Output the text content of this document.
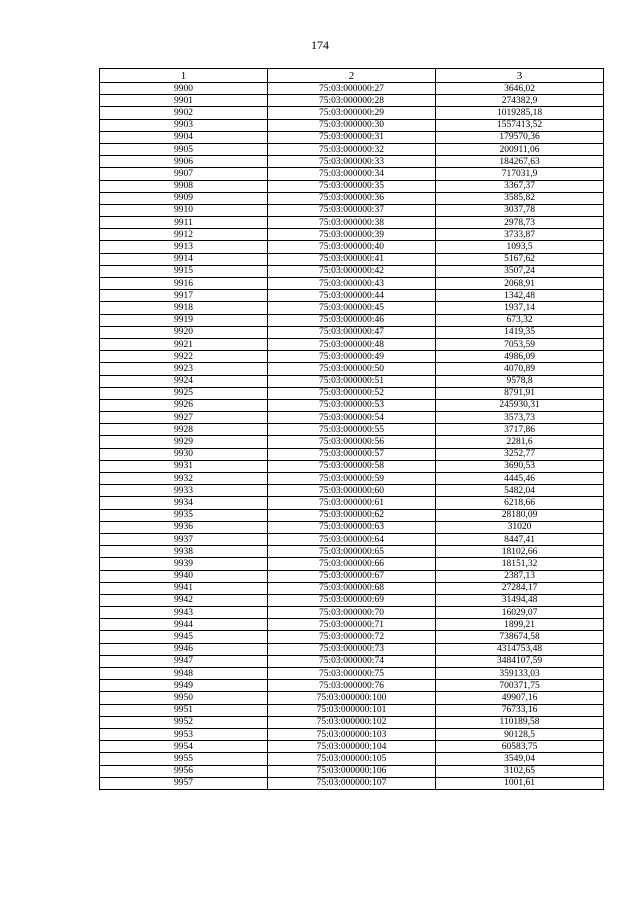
174
1	2	3
9900	75:03:000000:27	3646,02
9901	75:03:000000:28	274382,9
9902	75:03:000000:29	1019285,18
9903	75:03:000000:30	1557413,52
9904	75:03:000000:31	179570,36
9905	75:03:000000:32	200911,06
9906	75:03:000000:33	184267,63
9907	75:03:000000:34	717031,9
9908	75:03:000000:35	3367,37
9909	75:03:000000:36	3585,82
9910	75:03:000000:37	3037,78
9911	75:03:000000:38	2978,73
9912	75:03:000000:39	3733,87
9913	75:03:000000:40	1093,5
9914	75:03:000000:41	5167,62
9915	75:03:000000:42	3507,24
9916	75:03:000000:43	2068,91
9917	75:03:000000:44	1342,48
9918	75:03:000000:45	1937,14
9919	75:03:000000:46	673,32
9920	75:03:000000:47	1419,35
9921	75:03:000000:48	7053,59
9922	75:03:000000:49	4986,09
9923	75:03:000000:50	4070,89
9924	75:03:000000:51	9578,8
9925	75:03:000000:52	8791,91
9926	75:03:000000:53	245930,31
9927	75:03:000000:54	3573,73
9928	75:03:000000:55	3717,86
9929	75:03:000000:56	2281,6
9930	75:03:000000:57	3252,77
9931	75:03:000000:58	3690,53
9932	75:03:000000:59	4445,46
9933	75:03:000000:60	5482,04
9934	75:03:000000:61	6218,66
9935	75:03:000000:62	28180,09
9936	75:03:000000:63	31020
9937	75:03:000000:64	8447,41
9938	75:03:000000:65	18102,66
9939	75:03:000000:66	18151,32
9940	75:03:000000:67	2387,13
9941	75:03:000000:68	27284,17
9942	75:03:000000:69	31494,48
9943	75:03:000000:70	16029,07
9944	75:03:000000:71	1899,21
9945	75:03:000000:72	738674,58
9946	75:03:000000:73	4314753,48
9947	75:03:000000:74	3484107,59
9948	75:03:000000:75	359133,03
9949	75:03:000000:76	700371,75
9950	75:03:000000:100	49907,16
9951	75:03:000000:101	76733,16
9952	75:03:000000:102	110189,58
9953	75:03:000000:103	90128,5
9954	75:03:000000:104	60583,75
9955	75:03:000000:105	3549,04
9956	75:03:000000:106	3102,65
9957	75:03:000000:107	1001,61
